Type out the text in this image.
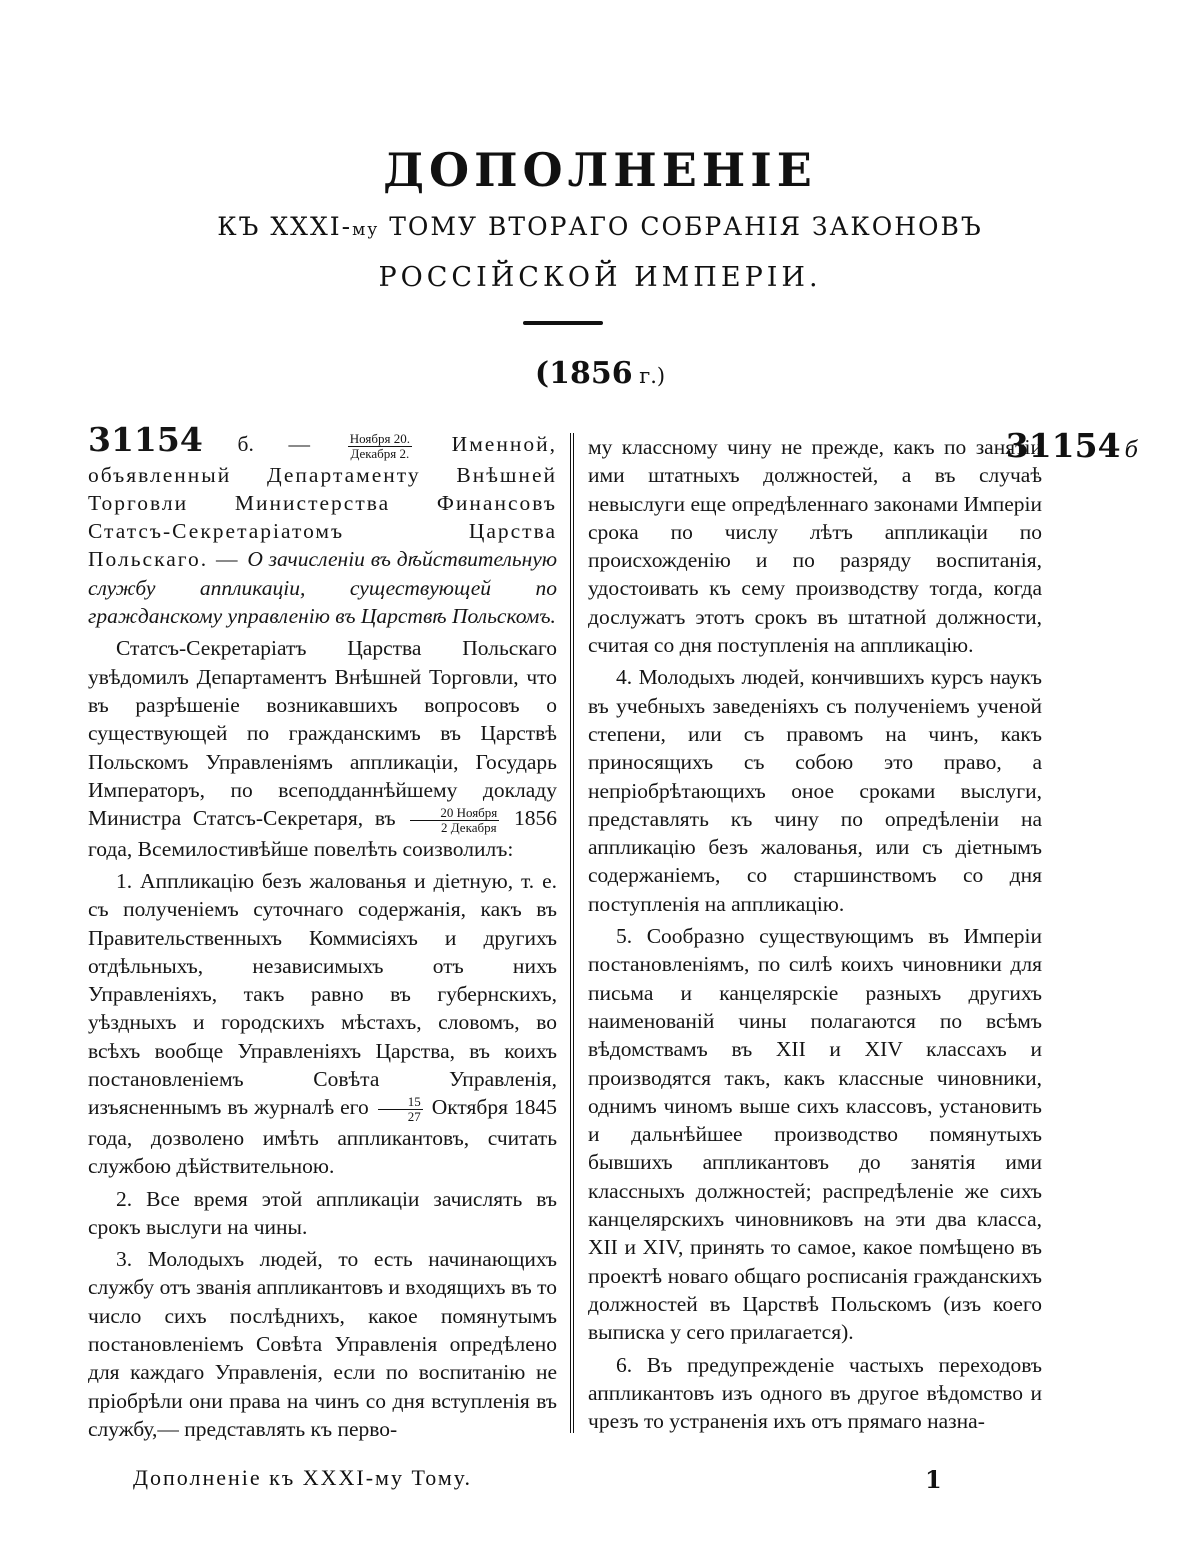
ДОПОЛНЕНІЕ
КЪ XXXI-му ТОМУ ВТОРАГО СОБРАНІЯ ЗАКОНОВЪ
РОССІЙСКОЙ ИМПЕРІИ.
(1856 г.)

31154 б. — $\frac{\text{Ноября 20.}}{\text{Декабря 2.}}$ Именной, объявленный Департаменту Внѣшней Торговли Министерства Финансовъ Статсъ-Секретаріатомъ Царства Польскаго. — О зачисленіи въ дѣйствительную службу аппликаціи, существующей по гражданскому управленію въ Царствѣ Польскомъ.

Статсъ-Секретаріатъ Царства Польскаго увѣдомилъ Департаментъ Внѣшней Торговли, что въ разрѣшеніе возникавшихъ вопросовъ о существующей по гражданскимъ въ Царствѣ Польскомъ Управленіямъ аппликаціи, Государь Императоръ, по всеподданнѣйшему докладу Министра Статсъ-Секретаря, въ $\frac{\text{20 Ноября}}{\text{2 Декабря}} 1856$ года, Всемилостивѣйше повелѣть соизволилъ:

1. Аппликацію безъ жалованья и діетную, т. е. съ полученіемъ суточнаго содержанія, какъ въ Правительственныхъ Коммисіяхъ и другихъ отдѣльныхъ, независимыхъ отъ нихъ Управленіяхъ, такъ равно въ губернскихъ, уѣздныхъ и городскихъ мѣстахъ, словомъ, во всѣхъ вообще Управленіяхъ Царства, въ коихъ постановленіемъ Совѣта Управленія, изъясненнымъ въ журналѣ его $\frac{15}{27}$ Октября 1845 года, дозволено имѣть аппликантовъ, считать службою дѣйствительною.

2. Все время этой аппликаціи зачислять въ срокъ выслуги на чины.

3. Молодыхъ людей, то есть начинающихъ службу отъ званія аппликантовъ и входящихъ въ то число сихъ послѣднихъ, какое помянутымъ постановленіемъ Совѣта Управленія опредѣлено для каждаго Управленія, если по воспитанію не пріобрѣли они права на чинъ со дня вступленія въ службу,— представлять къ перво-

му классному чину не прежде, какъ по занятіи ими штатныхъ должностей, а въ случаѣ невыслуги еще опредѣленнаго законами Имперіи срока по числу лѣтъ аппликаціи по происхожденію и по разряду воспитанія, удостоивать къ сему производству тогда, когда дослужатъ этотъ срокъ въ штатной должности, считая со дня поступленія на аппликацію.

4. Молодыхъ людей, кончившихъ курсъ наукъ въ учебныхъ заведеніяхъ съ полученіемъ ученой степени, или съ правомъ на чинъ, какъ приносящихъ съ собою это право, а непріобрѣтающихъ оное сроками выслуги, представлять къ чину по опредѣленіи на аппликацію безъ жалованья, или съ діетнымъ содержаніемъ, со старшинствомъ со дня поступленія на аппликацію.

5. Сообразно существующимъ въ Имперіи постановленіямъ, по силѣ коихъ чиновники для письма и канцелярскіе разныхъ другихъ наименованій чины полагаются по всѣмъ вѣдомствамъ въ XII и XIV классахъ и производятся такъ, какъ классные чиновники, однимъ чиномъ выше сихъ классовъ, установить и дальнѣйшее производство помянутыхъ бывшихъ аппликантовъ до занятія ими классныхъ должностей; распредѣленіе же сихъ канцелярскихъ чиновниковъ на эти два класса, XII и XIV, принять то самое, какое помѣщено въ проектѣ новаго общаго росписанія гражданскихъ должностей въ Царствѣ Польскомъ (изъ коего выписка у сего прилагается).

6. Въ предупрежденіе частыхъ переходовъ аппликантовъ изъ одного въ другое вѣдомство и чрезъ то устраненія ихъ отъ прямаго назна-

31154 б
Дополненіе къ XXXI-му Тому.	1
